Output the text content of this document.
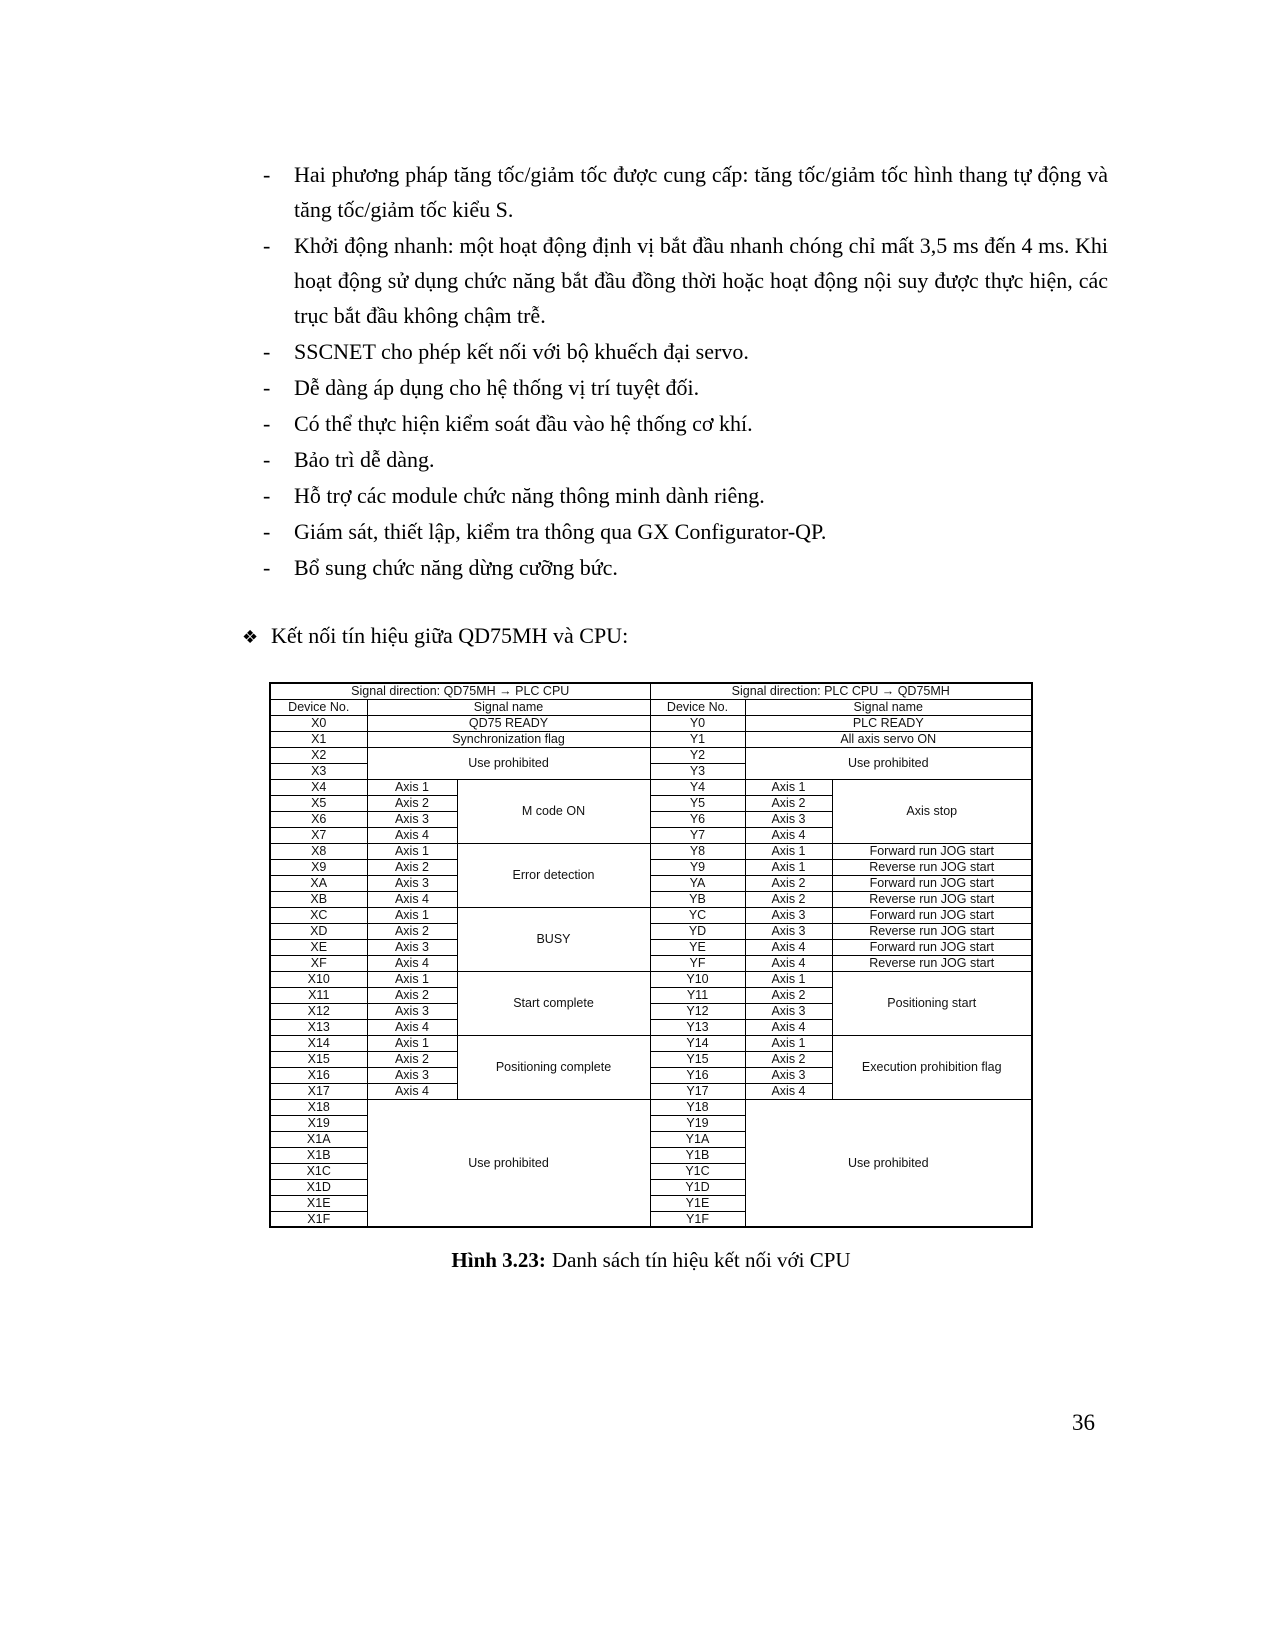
-	Hai phương pháp tăng tốc/giảm tốc được cung cấp: tăng tốc/giảm tốc hình thang tự động và tăng tốc/giảm tốc kiểu S.
-	Khởi động nhanh: một hoạt động định vị bắt đầu nhanh chóng chỉ mất 3,5 ms đến 4 ms. Khi hoạt động sử dụng chức năng bắt đầu đồng thời hoặc hoạt động nội suy được thực hiện, các trục bắt đầu không chậm trễ.
-	SSCNET cho phép kết nối với bộ khuếch đại servo.
-	Dễ dàng áp dụng cho hệ thống vị trí tuyệt đối.
-	Có thể thực hiện kiểm soát đầu vào hệ thống cơ khí.
-	Bảo trì dễ dàng.
-	Hỗ trợ các module chức năng thông minh dành riêng.
-	Giám sát, thiết lập, kiểm tra thông qua GX Configurator-QP.
-	Bổ sung chức năng dừng cưỡng bức.
❖ Kết nối tín hiệu giữa QD75MH và CPU:
Signal direction: QD75MH → PLC CPU			Signal direction: PLC CPU → QD75MH		
Device No.	Signal name		Device No.	Signal name	
X0	QD75 READY		Y0	PLC READY	
X1	Synchronization flag		Y1	All axis servo ON	
X2	Use prohibited		Y2	Use prohibited	
X3			Y3		
X4	Axis 1	M code ON	Y4	Axis 1	Axis stop
X5	Axis 2		Y5	Axis 2	
X6	Axis 3		Y6	Axis 3	
X7	Axis 4		Y7	Axis 4	
X8	Axis 1	Error detection	Y8	Axis 1	Forward run JOG start
X9	Axis 2		Y9	Axis 1	Reverse run JOG start
XA	Axis 3		YA	Axis 2	Forward run JOG start
XB	Axis 4		YB	Axis 2	Reverse run JOG start
XC	Axis 1	BUSY	YC	Axis 3	Forward run JOG start
XD	Axis 2		YD	Axis 3	Reverse run JOG start
XE	Axis 3		YE	Axis 4	Forward run JOG start
XF	Axis 4		YF	Axis 4	Reverse run JOG start
X10	Axis 1	Start complete	Y10	Axis 1	Positioning start
X11	Axis 2		Y11	Axis 2	
X12	Axis 3		Y12	Axis 3	
X13	Axis 4		Y13	Axis 4	
X14	Axis 1	Positioning complete	Y14	Axis 1	Execution prohibition flag
X15	Axis 2		Y15	Axis 2	
X16	Axis 3		Y16	Axis 3	
X17	Axis 4		Y17	Axis 4	
X18	Use prohibited		Y18	Use prohibited	
X19			Y19		
X1A			Y1A		
X1B			Y1B		
X1C			Y1C		
X1D			Y1D		
X1E			Y1E		
X1F			Y1F		
Hình 3.23: Danh sách tín hiệu kết nối với CPU
36
